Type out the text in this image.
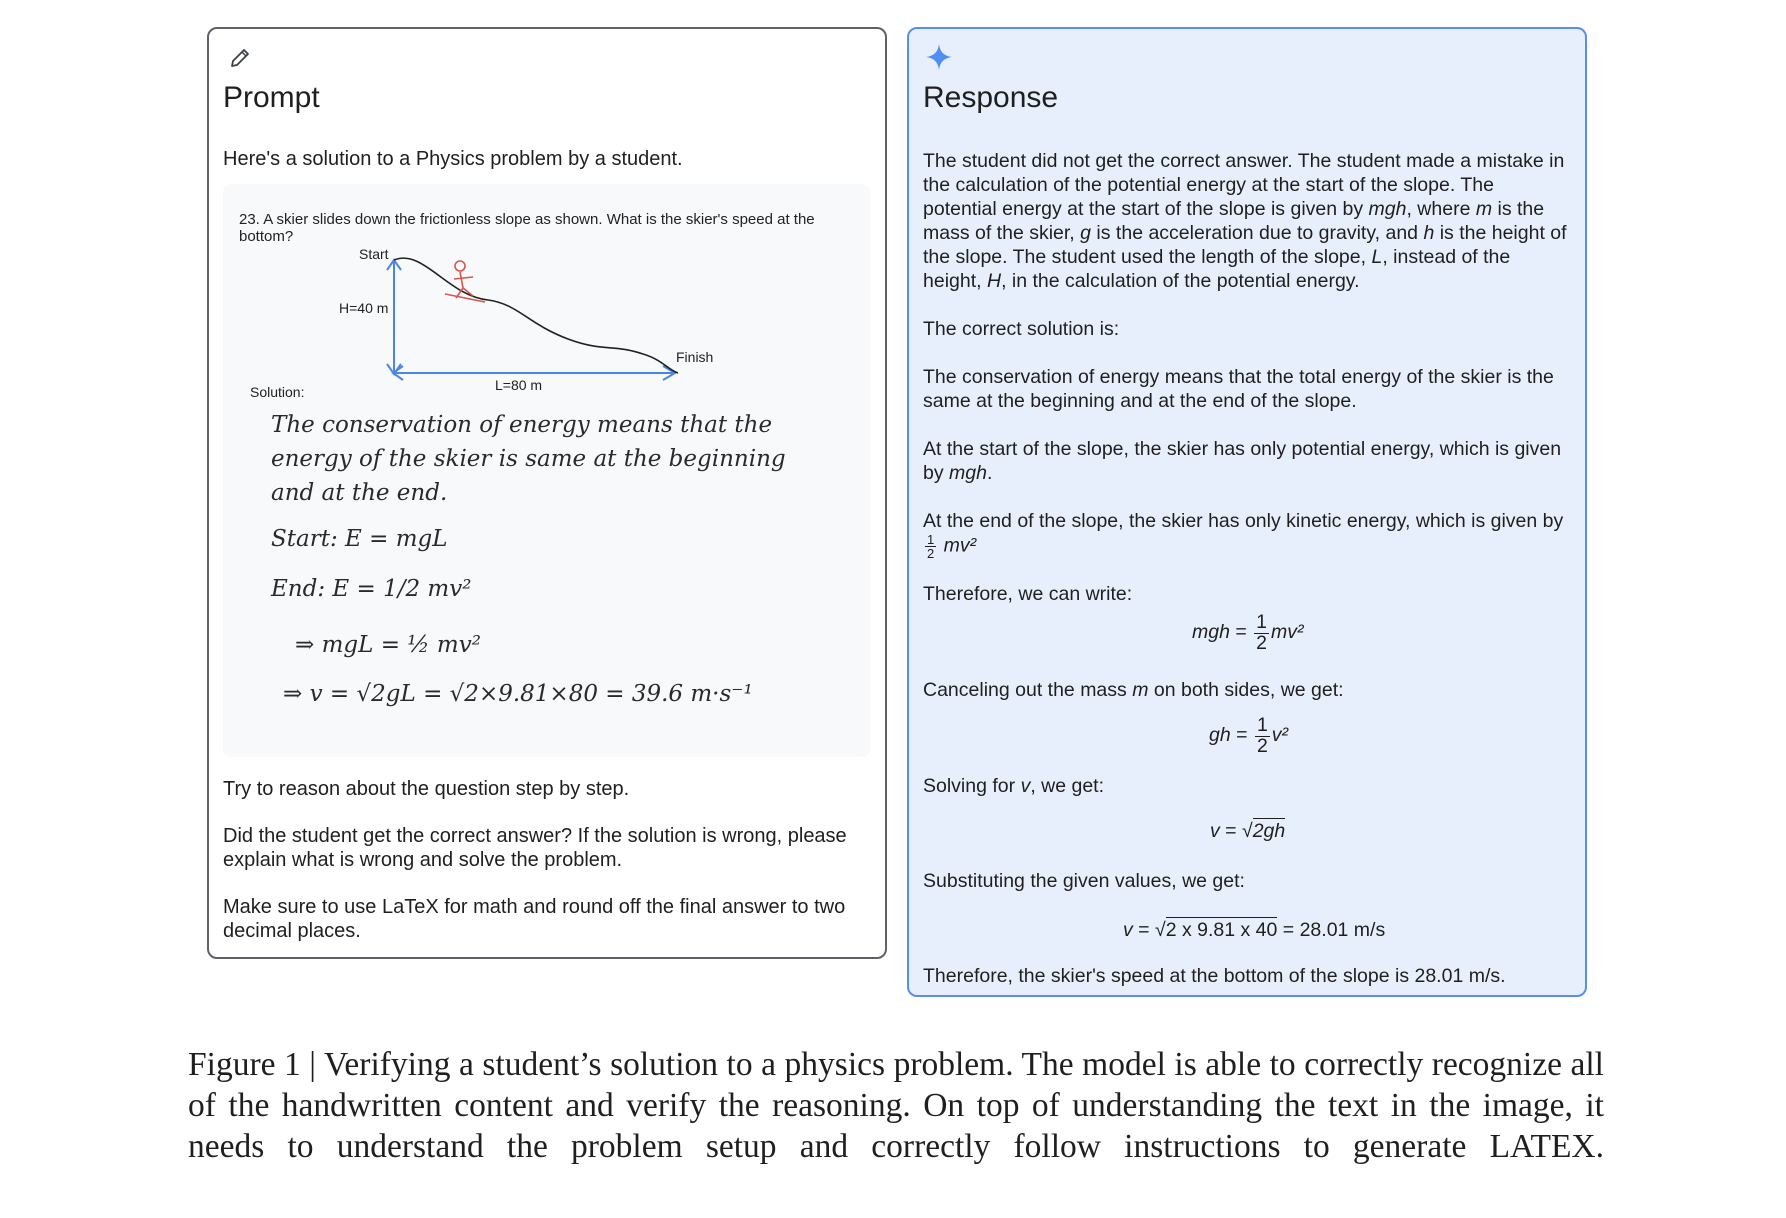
Prompt
Here's a solution to a Physics problem by a student.
23. A skier slides down the frictionless slope as shown. What is the skier's speed at the bottom?
Start
H=40 m
Finish
L=80 m
Solution:
The conservation of energy means that the
energy of the skier is same at the beginning
and at the end.
Start: E = mgL
End: E = 1/2 mv²
⇒ mgL = ½ mv²
⇒ v = √2gL = √2×9.81×80 = 39.6 m·s⁻¹
Try to reason about the question step by step.
Did the student get the correct answer? If the solution is wrong, please explain what is wrong and solve the problem.
Make sure to use LaTeX for math and round off the final answer to two decimal places.
Response
The student did not get the correct answer. The student made a mistake in the calculation of the potential energy at the start of the slope. The potential energy at the start of the slope is given by mgh, where m is the mass of the skier, g is the acceleration due to gravity, and h is the height of the slope. The student used the length of the slope, L, instead of the height, H, in the calculation of the potential energy.
The correct solution is:
The conservation of energy means that the total energy of the skier is the same at the beginning and at the end of the slope.
At the start of the slope, the skier has only potential energy, which is given by mgh.
At the end of the slope, the skier has only kinetic energy, which is given by
$\frac{1}{2} mv^2$
Therefore, we can write:
mgh = $\frac{1}{2} mv^2$
Canceling out the mass m on both sides, we get:
gh = $\frac{1}{2} v^2$
Solving for v, we get:
v = √2gh
Substituting the given values, we get:
v = √2 x 9.81 x 40 = 28.01 m/s
Therefore, the skier's speed at the bottom of the slope is 28.01 m/s.
Figure 1 | Verifying a student’s solution to a physics problem. The model is able to correctly recognize all of the handwritten content and verify the reasoning. On top of understanding the text in the image, it needs to understand the problem setup and correctly follow instructions to generate LATEX.
